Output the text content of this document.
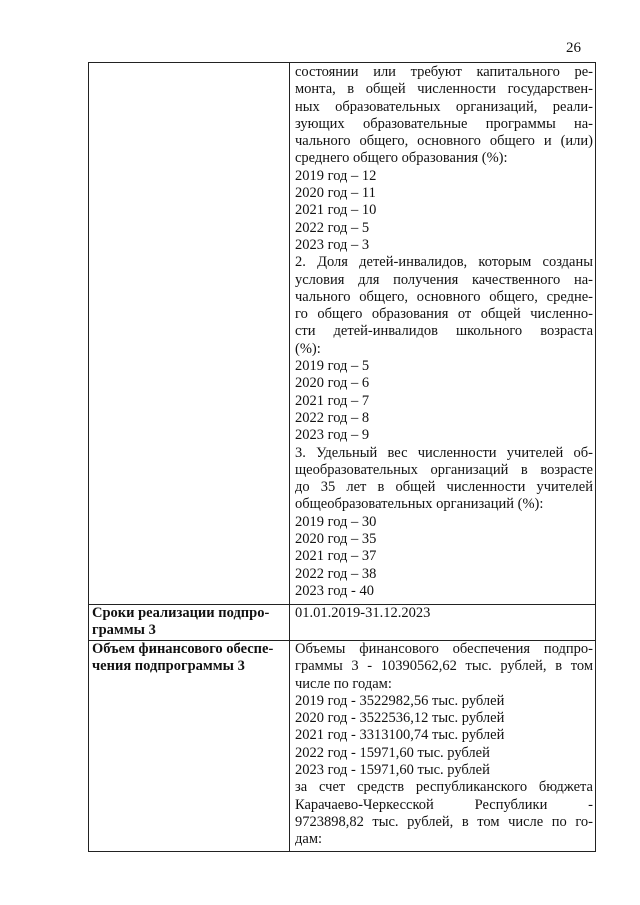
26
состоянии или требуют капитального ре-
монта, в общей численности государствен-
ных образовательных организаций, реали-
зующих образовательные программы на-
чального общего, основного общего и (или)
среднего общего образования (%):
2019 год – 12
2020 год – 11
2021 год – 10
2022 год – 5
2023 год – 3
2. Доля детей-инвалидов, которым созданы
условия для получения качественного на-
чального общего, основного общего, средне-
го общего образования от общей численно-
сти детей-инвалидов школьного возраста
(%):
2019 год – 5
2020 год – 6
2021 год – 7
2022 год – 8
2023 год – 9
3. Удельный вес численности учителей об-
щеобразовательных организаций в возрасте
до 35 лет в общей численности учителей
общеобразовательных организаций (%):
2019 год – 30
2020 год – 35
2021 год – 37
2022 год – 38
2023 год - 40
Сроки реализации подпро-
граммы 3
01.01.2019-31.12.2023
Объем финансового обеспе-
чения подпрограммы 3
Объемы финансового обеспечения подпро-
граммы 3 - 10390562,62 тыс. рублей, в том
числе по годам:
2019 год - 3522982,56 тыс. рублей
2020 год - 3522536,12 тыс. рублей
2021 год - 3313100,74 тыс. рублей
2022 год - 15971,60 тыс. рублей
2023 год - 15971,60 тыс. рублей
за счет средств республиканского бюджета
Карачаево-Черкесской Республики -
9723898,82 тыс. рублей, в том числе по го-
дам:
